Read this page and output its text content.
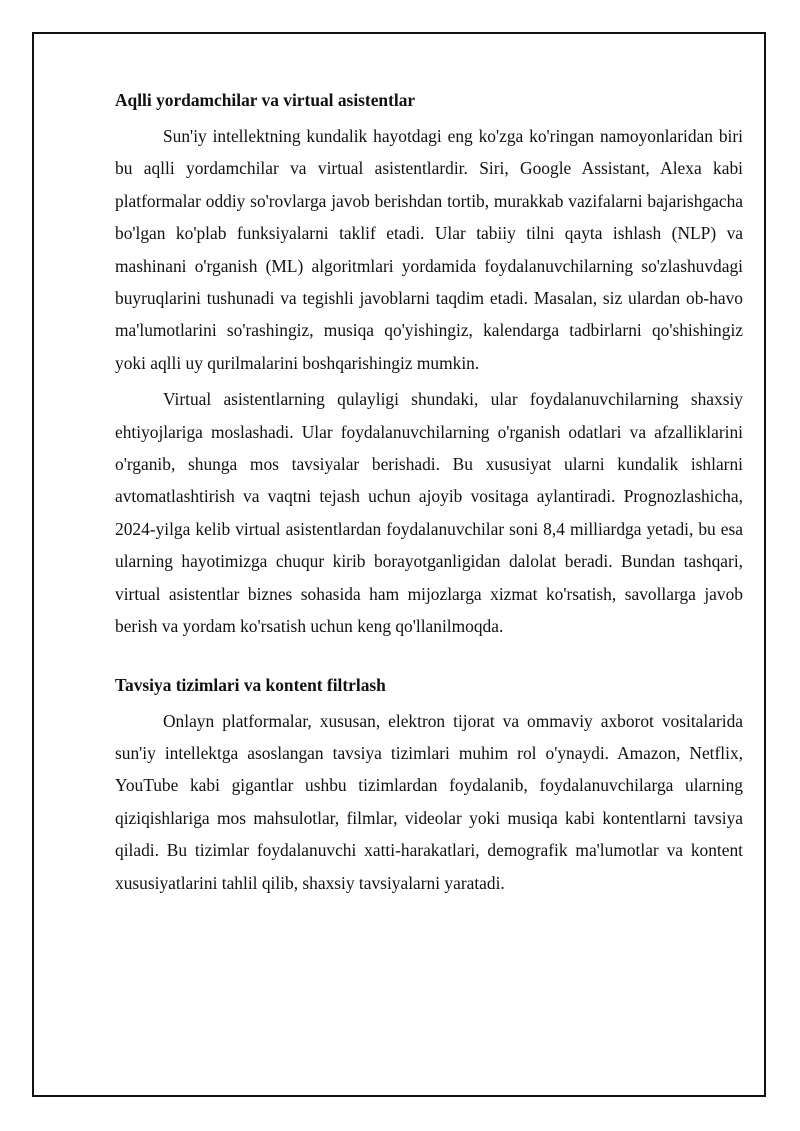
Aqlli yordamchilar va virtual asistentlar

Sun'iy intellektning kundalik hayotdagi eng ko'zga ko'ringan namoyonlaridan biri bu aqlli yordamchilar va virtual asistentlardir. Siri, Google Assistant, Alexa kabi platformalar oddiy so'rovlarga javob berishdan tortib, murakkab vazifalarni bajarishgacha bo'lgan ko'plab funksiyalarni taklif etadi. Ular tabiiy tilni qayta ishlash (NLP) va mashinani o'rganish (ML) algoritmlari yordamida foydalanuvchilarning so'zlashuvdagi buyruqlarini tushunadi va tegishli javoblarni taqdim etadi. Masalan, siz ulardan ob-havo ma'lumotlarini so'rashingiz, musiqa qo'yishingiz, kalendarga tadbirlarni qo'shishingiz yoki aqlli uy qurilmalarini boshqarishingiz mumkin.

Virtual asistentlarning qulayligi shundaki, ular foydalanuvchilarning shaxsiy ehtiyojlariga moslashadi. Ular foydalanuvchilarning o'rganish odatlari va afzalliklarini o'rganib, shunga mos tavsiyalar berishadi. Bu xususiyat ularni kundalik ishlarni avtomatlashtirish va vaqtni tejash uchun ajoyib vositaga aylantiradi. Prognozlashicha, 2024-yilga kelib virtual asistentlardan foydalanuvchilar soni 8,4 milliardga yetadi, bu esa ularning hayotimizga chuqur kirib borayotganligidan dalolat beradi. Bundan tashqari, virtual asistentlar biznes sohasida ham mijozlarga xizmat ko'rsatish, savollarga javob berish va yordam ko'rsatish uchun keng qo'llanilmoqda.

Tavsiya tizimlari va kontent filtrlash

Onlayn platformalar, xususan, elektron tijorat va ommaviy axborot vositalarida sun'iy intellektga asoslangan tavsiya tizimlari muhim rol o'ynaydi. Amazon, Netflix, YouTube kabi gigantlar ushbu tizimlardan foydalanib, foydalanuvchilarga ularning qiziqishlariga mos mahsulotlar, filmlar, videolar yoki musiqa kabi kontentlarni tavsiya qiladi. Bu tizimlar foydalanuvchi xatti-harakatlari, demografik ma'lumotlar va kontent xususiyatlarini tahlil qilib, shaxsiy tavsiyalarni yaratadi.
